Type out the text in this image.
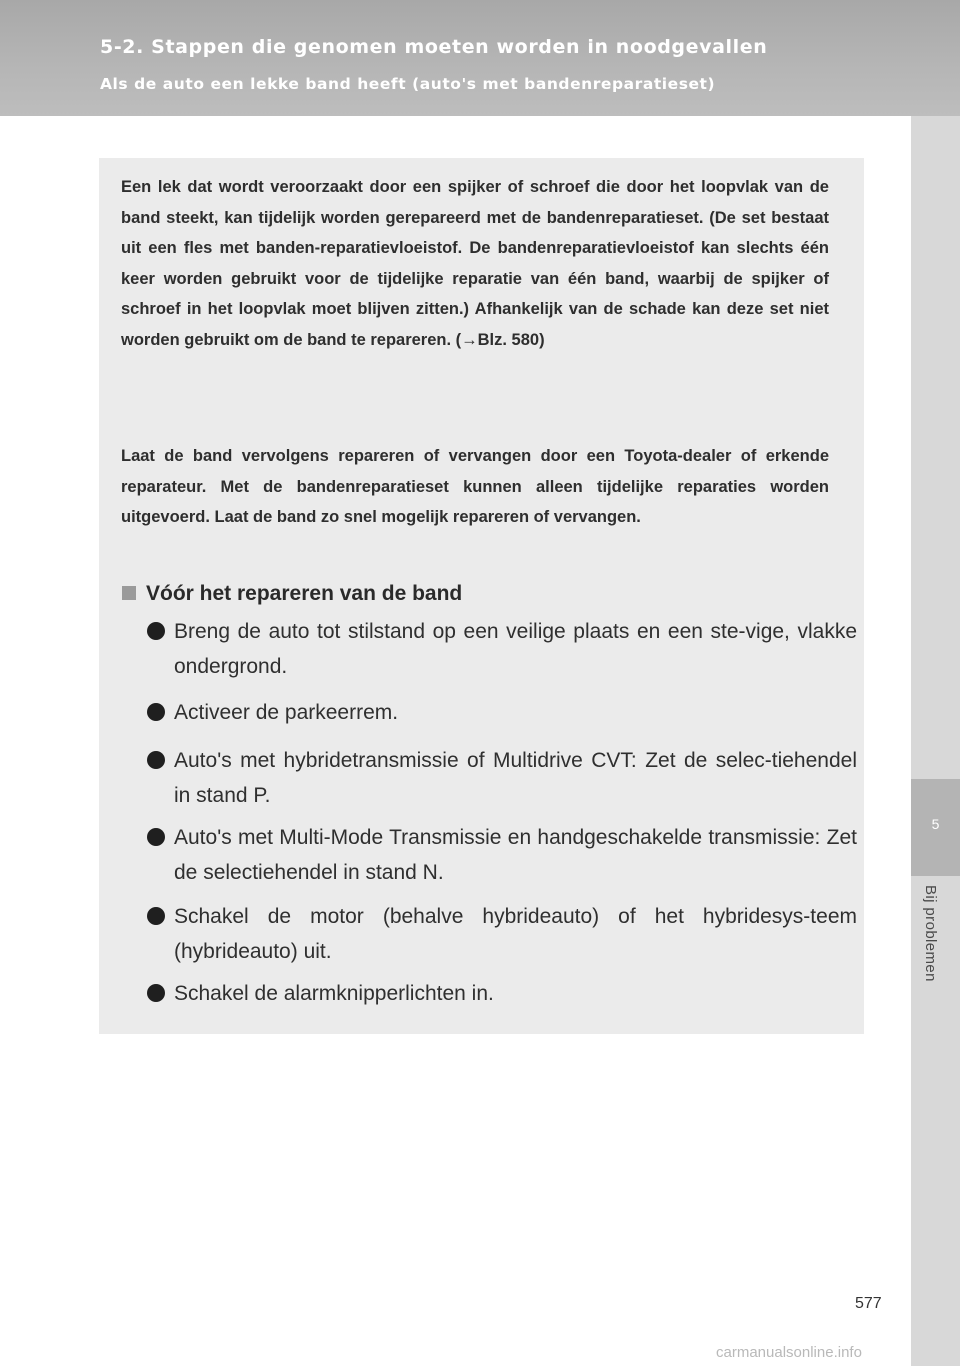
5-2. Stappen die genomen moeten worden in noodgevallen
Als de auto een lekke band heeft (auto's met bandenreparatieset)
5
Bij problemen

Een lek dat wordt veroorzaakt door een spijker of schroef die door het loopvlak van de band steekt, kan tijdelijk worden gerepareerd met de bandenreparatieset. (De set bestaat uit een fles met banden-reparatievloeistof. De bandenreparatievloeistof kan slechts één keer worden gebruikt voor de tijdelijke reparatie van één band, waarbij de spijker of schroef in het loopvlak moet blijven zitten.) Afhankelijk van de schade kan deze set niet worden gebruikt om de band te repareren. (→Blz. 580)

Laat de band vervolgens repareren of vervangen door een Toyota-dealer of erkende reparateur. Met de bandenreparatieset kunnen alleen tijdelijke reparaties worden uitgevoerd. Laat de band zo snel mogelijk repareren of vervangen.

Vóór het repareren van de band
Breng de auto tot stilstand op een veilige plaats en een ste-vige, vlakke ondergrond.
Activeer de parkeerrem.
Auto's met hybridetransmissie of Multidrive CVT: Zet de selec-tiehendel in stand P.
Auto's met Multi-Mode Transmissie en handgeschakelde transmissie: Zet de selectiehendel in stand N.
Schakel de motor (behalve hybrideauto) of het hybridesys-teem (hybrideauto) uit.
Schakel de alarmknipperlichten in.
577
carmanualsonline.info
